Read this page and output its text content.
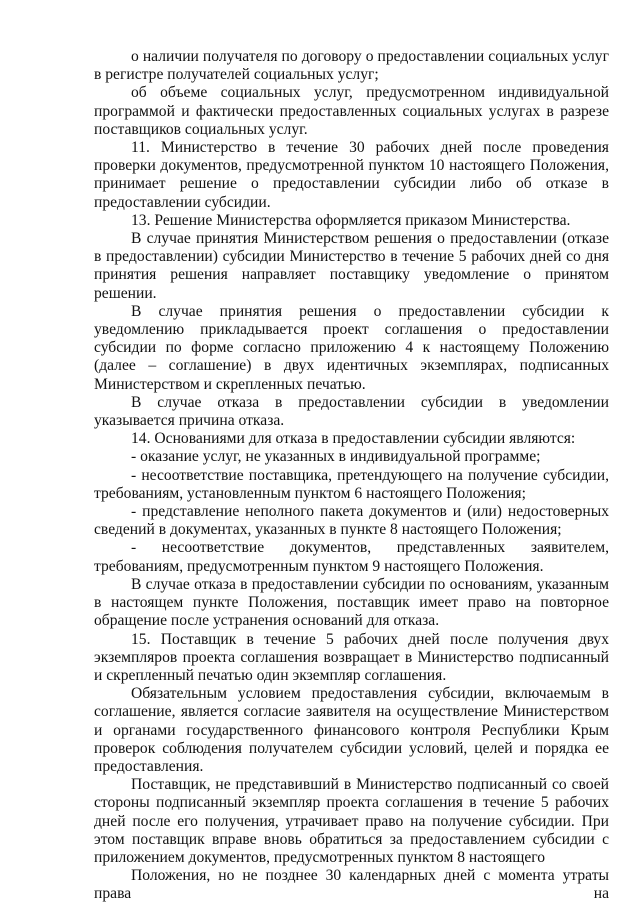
о наличии получателя по договору о предоставлении социальных услуг в регистре получателей социальных услуг;

об объеме социальных услуг, предусмотренном индивидуальной программой и фактически предоставленных социальных услугах в разрезе поставщиков социальных услуг.

11. Министерство в течение 30 рабочих дней после проведения проверки документов, предусмотренной пунктом 10 настоящего Положения, принимает решение о предоставлении субсидии либо об отказе в предоставлении субсидии.

13. Решение Министерства оформляется приказом Министерства.

В случае принятия Министерством решения о предоставлении (отказе в предоставлении) субсидии Министерство в течение 5 рабочих дней со дня принятия решения направляет поставщику уведомление о принятом решении.

В случае принятия решения о предоставлении субсидии к уведомлению прикладывается проект соглашения о предоставлении субсидии по форме согласно приложению 4 к настоящему Положению (далее – соглашение) в двух идентичных экземплярах, подписанных Министерством и скрепленных печатью.

В случае отказа в предоставлении субсидии в уведомлении указывается причина отказа.

14. Основаниями для отказа в предоставлении субсидии являются:

- оказание услуг, не указанных в индивидуальной программе;

- несоответствие поставщика, претендующего на получение субсидии, требованиям, установленным пунктом 6 настоящего Положения;

- представление неполного пакета документов и (или) недостоверных сведений в документах, указанных в пункте 8 настоящего Положения;

- несоответствие документов, представленных заявителем, требованиям, предусмотренным пунктом 9 настоящего Положения.

В случае отказа в предоставлении субсидии по основаниям, указанным в настоящем пункте Положения, поставщик имеет право на повторное обращение после устранения оснований для отказа.

15. Поставщик в течение 5 рабочих дней после получения двух экземпляров проекта соглашения возвращает в Министерство подписанный и скрепленный печатью один экземпляр соглашения.

Обязательным условием предоставления субсидии, включаемым в соглашение, является согласие заявителя на осуществление Министерством и органами государственного финансового контроля Республики Крым проверок соблюдения получателем субсидии условий, целей и порядка ее предоставления.

Поставщик, не представивший в Министерство подписанный со своей стороны подписанный экземпляр проекта соглашения в течение 5 рабочих дней после его получения, утрачивает право на получение субсидии. При этом поставщик вправе вновь обратиться за предоставлением субсидии с приложением документов, предусмотренных пунктом 8 настоящего
Положения, но не позднее 30 календарных дней с момента утраты права на
